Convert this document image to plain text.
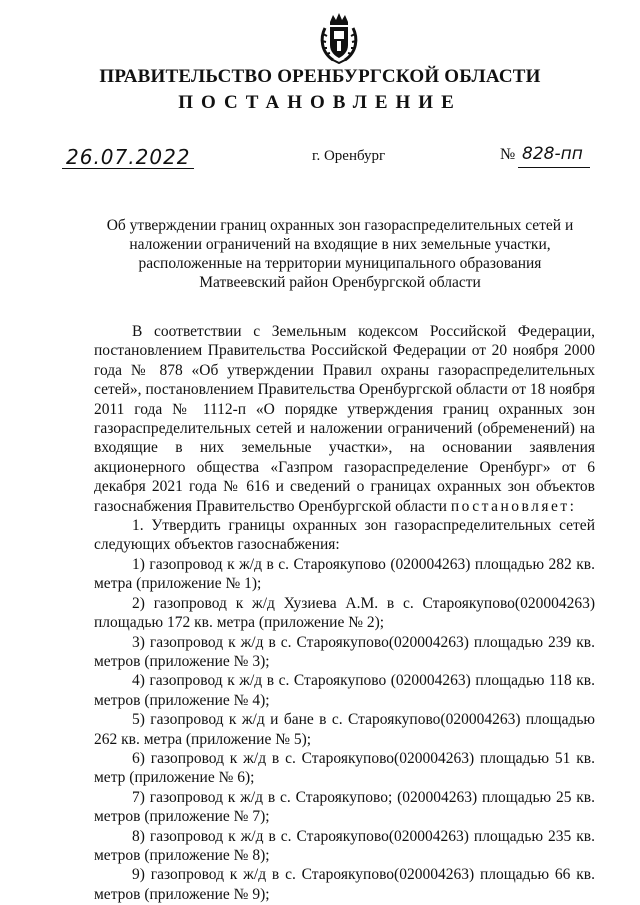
ПРАВИТЕЛЬСТВО ОРЕНБУРГСКОЙ ОБЛАСТИ
ПОСТАНОВЛЕНИЕ
26.07.2022	г. Оренбург	№ 828-пп
Об утверждении границ охранных зон газораспределительных сетей и
наложении ограничений на входящие в них земельные участки,
расположенные на территории муниципального образования
Матвеевский район Оренбургской области

В соответствии с Земельным кодексом Российской Федерации, постановлением Правительства Российской Федерации от 20 ноября 2000 года № 878 «Об утверждении Правил охраны газораспределительных сетей», постановлением Правительства Оренбургской области от 18 ноября 2011 года № 1112-п «О порядке утверждения границ охранных зон газораспределительных сетей и наложении ограничений (обременений) на входящие в них земельные участки», на основании заявления акционерного общества «Газпром газораспределение Оренбург» от 6 декабря 2021 года № 616 и сведений о границах охранных зон объектов газоснабжения Правительство Оренбургской области постановляет:

1. Утвердить границы охранных зон газораспределительных сетей следующих объектов газоснабжения:

1) газопровод к ж/д в с. Староякупово (020004263) площадью 282 кв. метра (приложение № 1);

2) газопровод к ж/д Хузиева А.М. в с. Староякупово(020004263) площадью 172 кв. метра (приложение № 2);

3) газопровод к ж/д в с. Староякупово(020004263) площадью 239 кв. метров (приложение № 3);

4) газопровод к ж/д в с. Староякупово (020004263) площадью 118 кв. метров (приложение № 4);

5) газопровод к ж/д и бане в с. Староякупово(020004263) площадью 262 кв. метра (приложение № 5);

6) газопровод к ж/д в с. Староякупово(020004263) площадью 51 кв. метр (приложение № 6);

7) газопровод к ж/д в с. Староякупово; (020004263) площадью 25 кв. метров (приложение № 7);

8) газопровод к ж/д в с. Староякупово(020004263) площадью 235 кв. метров (приложение № 8);

9) газопровод к ж/д в с. Староякупово(020004263) площадью 66 кв. метров (приложение № 9);
